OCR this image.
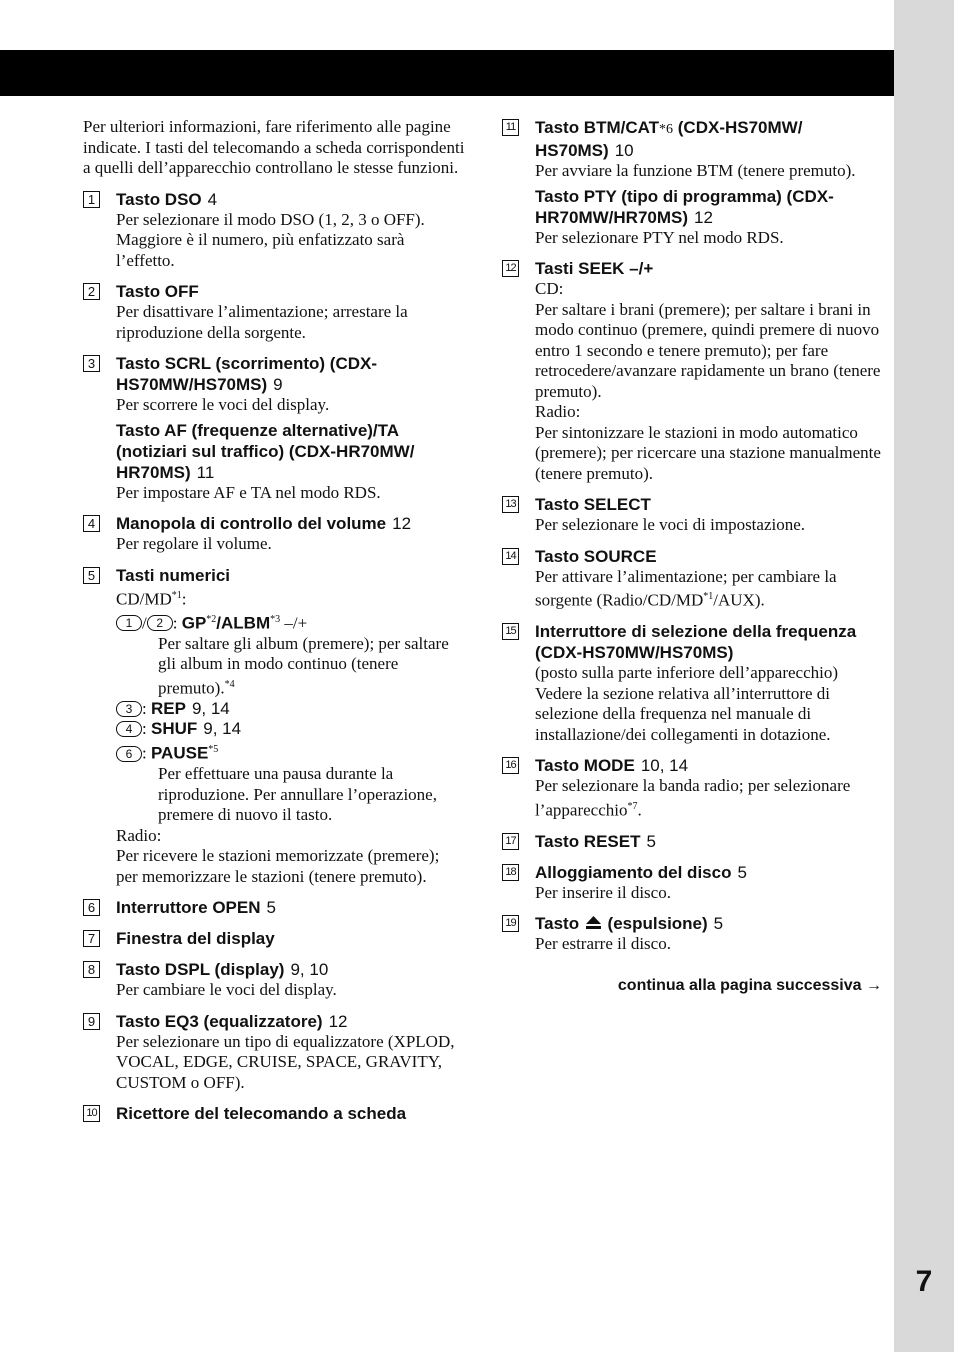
7
Per ulteriori informazioni, fare riferimento alle pagine indicate. I tasti del telecomando a scheda corrispondenti a quelli dell’apparecchio controllano le stesse funzioni.
1 Tasto DSO 4
Per selezionare il modo DSO (1, 2, 3 o OFF). Maggiore è il numero, più enfatizzato sarà l’effetto.
2 Tasto OFF
Per disattivare l’alimentazione; arrestare la riproduzione della sorgente.
3 Tasto SCRL (scorrimento) (CDX-HS70MW/HS70MS) 9
Per scorrere le voci del display.
Tasto AF (frequenze alternative)/TA (notiziari sul traffico) (CDX-HR70MW/ HR70MS) 11
Per impostare AF e TA nel modo RDS.
4 Manopola di controllo del volume 12
Per regolare il volume.
5 Tasti numerici
CD/MD$^{*1}$:
1 / 2 : GP$^{*2}$/ALBM$^{*3}$ –/+
Per saltare gli album (premere); per saltare gli album in modo continuo (tenere premuto).$^{*4}$
3 : REP 9, 14
4 : SHUF 9, 14
6 : PAUSE$^{*5}$
Per effettuare una pausa durante la riproduzione. Per annullare l’operazione, premere di nuovo il tasto.
Radio:
Per ricevere le stazioni memorizzate (premere); per memorizzare le stazioni (tenere premuto).
6 Interruttore OPEN 5
7 Finestra del display
8 Tasto DSPL (display) 9, 10
Per cambiare le voci del display.
9 Tasto EQ3 (equalizzatore) 12
Per selezionare un tipo di equalizzatore (XPLOD, VOCAL, EDGE, CRUISE, SPACE, GRAVITY, CUSTOM o OFF).
10 Ricettore del telecomando a scheda
11 Tasto BTM/CAT*6 (CDX-HS70MW/ HS70MS) 10
Per avviare la funzione BTM (tenere premuto).
Tasto PTY (tipo di programma) (CDX-HR70MW/HR70MS) 12
Per selezionare PTY nel modo RDS.
12 Tasti SEEK –/+
CD:
Per saltare i brani (premere); per saltare i brani in modo continuo (premere, quindi premere di nuovo entro 1 secondo e tenere premuto); per fare retrocedere/avanzare rapidamente un brano (tenere premuto).
Radio:
Per sintonizzare le stazioni in modo automatico (premere); per ricercare una stazione manualmente (tenere premuto).
13 Tasto SELECT
Per selezionare le voci di impostazione.
14 Tasto SOURCE
Per attivare l’alimentazione; per cambiare la sorgente (Radio/CD/MD$^{*1}$/AUX).
15 Interruttore di selezione della frequenza (CDX-HS70MW/HS70MS)
(posto sulla parte inferiore dell’apparecchio)
Vedere la sezione relativa all’interruttore di selezione della frequenza nel manuale di installazione/dei collegamenti in dotazione.
16 Tasto MODE 10, 14
Per selezionare la banda radio; per selezionare l’apparecchio$^{*7}$.
17 Tasto RESET 5
18 Alloggiamento del disco 5
Per inserire il disco.
19 Tasto (espulsione) 5
Per estrarre il disco.
continua alla pagina successiva →
